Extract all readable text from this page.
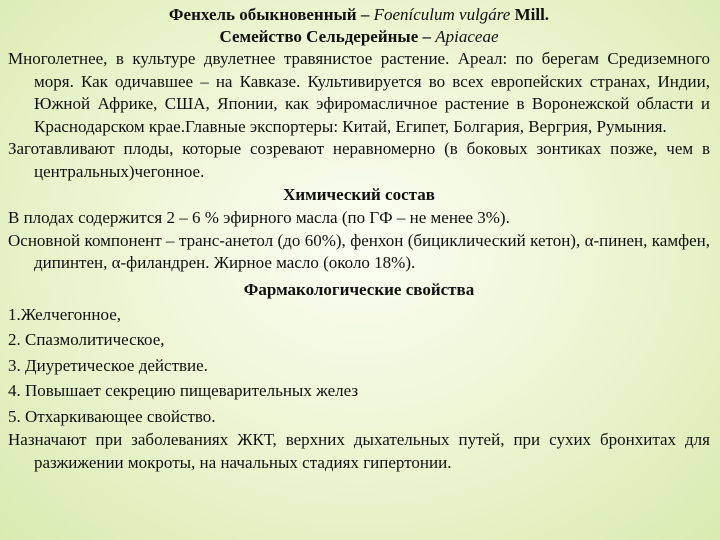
Фенхель обыкновенный – Foenículum vulgáre Mill.

Семейство Сельдерейные – Apiaceae

Многолетнее, в культуре двулетнее травянистое растение. Ареал: по берегам Средиземного моря. Как одичавшее – на Кавказе. Культивируется во всех европейских странах, Индии, Южной Африке, США, Японии, как эфиромасличное растение в Воронежской области и Краснодарском крае.Главные экспортеры: Китай, Египет, Болгария, Вергрия, Румыния.

Заготавливают плоды, которые созревают неравномерно (в боковых зонтиках позже, чем в центральных)чегонное.

Химический состав

В плодах содержится 2 – 6 % эфирного масла (по ГФ – не менее 3%).

Основной компонент – транс-анетол (до 60%), фенхон (бициклический кетон), α-пинен, камфен, дипинтен, α-филандрен. Жирное масло (около 18%).

Фармакологические свойства

1.Желчегонное,

2. Спазмолитическое,

3. Диуретическое действие.

4. Повышает секрецию пищеварительных желез

5. Отхаркивающее свойство.

Назначают при заболеваниях ЖКТ, верхних дыхательных путей, при сухих бронхитах для разжижении мокроты, на начальных стадиях гипертонии.
